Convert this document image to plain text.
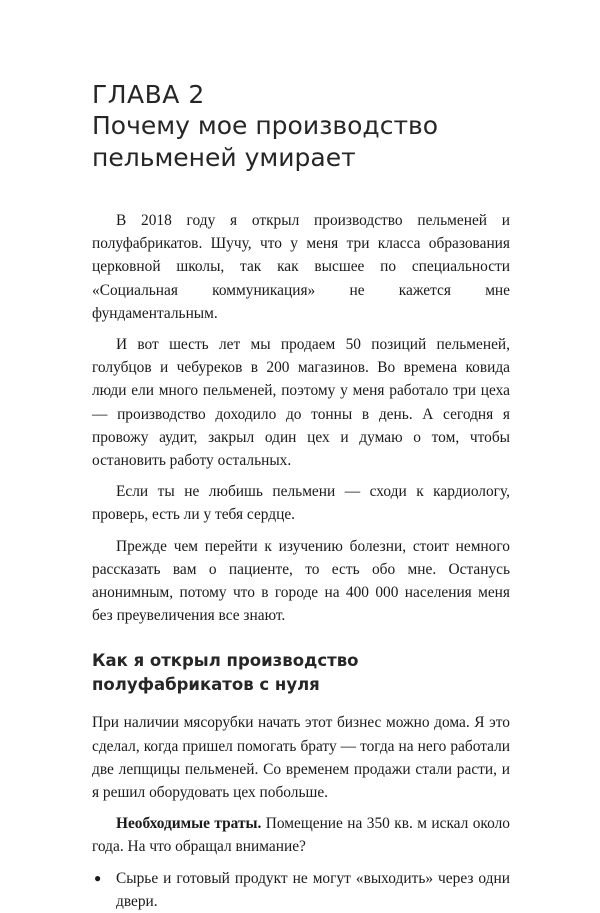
ГЛАВА 2
Почему мое производство пельменей умирает

В 2018 году я открыл производство пельменей и полуфабрикатов. Шучу, что у меня три класса образования церковной школы, так как высшее по специальности «Социальная коммуникация» не кажется мне фундаментальным.

И вот шесть лет мы продаем 50 позиций пельменей, голубцов и чебуреков в 200 магазинов. Во времена ковида люди ели много пельменей, поэтому у меня работало три цеха — производство доходило до тонны в день. А сегодня я провожу аудит, закрыл один цех и думаю о том, чтобы остановить работу остальных.

Если ты не любишь пельмени — сходи к кардиологу, проверь, есть ли у тебя сердце.

Прежде чем перейти к изучению болезни, стоит немного рассказать вам о пациенте, то есть обо мне. Останусь анонимным, потому что в городе на 400 000 населения меня без преувеличения все знают.

Как я открыл производство полуфабрикатов с нуля

При наличии мясорубки начать этот бизнес можно дома. Я это сделал, когда пришел помогать брату — тогда на него работали две лепщицы пельменей. Со временем продажи стали расти, и я решил оборудовать цех побольше.

Необходимые траты. Помещение на 350 кв. м искал около года. На что обращал внимание?

● Сырье и готовый продукт не могут «выходить» через одни двери.
